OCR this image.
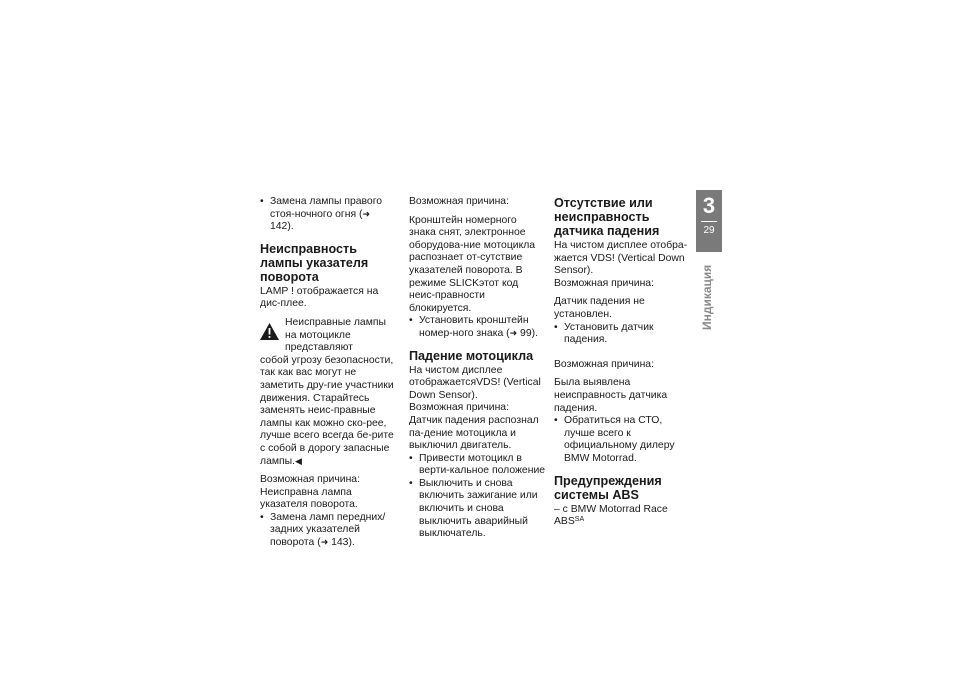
• Замена лампы правого стоя-ночного огня (➜ 142).
Неисправность лампы указателя поворота

LAMP ! отображается на дис-плее.

Неисправные лампы на мотоцикле представляют

собой угрозу безопасности, так как вас могут не заметить дру-гие участники движения. Старайтесь заменять неис-правные лампы как можно ско-рее, лучше всего всегда бе-рите с собой в дорогу запасные лампы.◀

Возможная причина:

Неисправна лампа указателя поворота.

• Замена ламп передних/задних указателей поворота (➜ 143).

Возможная причина:

Кронштейн номерного знака снят, электронное оборудова-ние мотоцикла распознает от-сутствие указателей поворота. В режиме SLICKэтот код неис-правности блокируется.

• Установить кронштейн номер-ного знака (➜ 99).
Падение мотоцикла

На чистом дисплее отображаетсяVDS! (Vertical Down Sensor).

Возможная причина:

Датчик падения распознал па-дение мотоцикла и выключил двигатель.

• Привести мотоцикл в верти-кальное положение
• Выключить и снова включить зажигание или включить и снова выключить аварийный выключатель.
Отсутствие или неисправность датчика падения

На чистом дисплее отобра-жается VDS! (Vertical Down Sensor).

Возможная причина:

Датчик падения не установлен.

• Установить датчик падения.

Возможная причина:

Была выявлена неисправность датчика падения.

• Обратиться на СТО, лучше всего к официальному дилеру BMW Motorrad.
Предупреждения системы ABS

– с BMW Motorrad Race $ABS^{SA}$

3
29
Индикация
